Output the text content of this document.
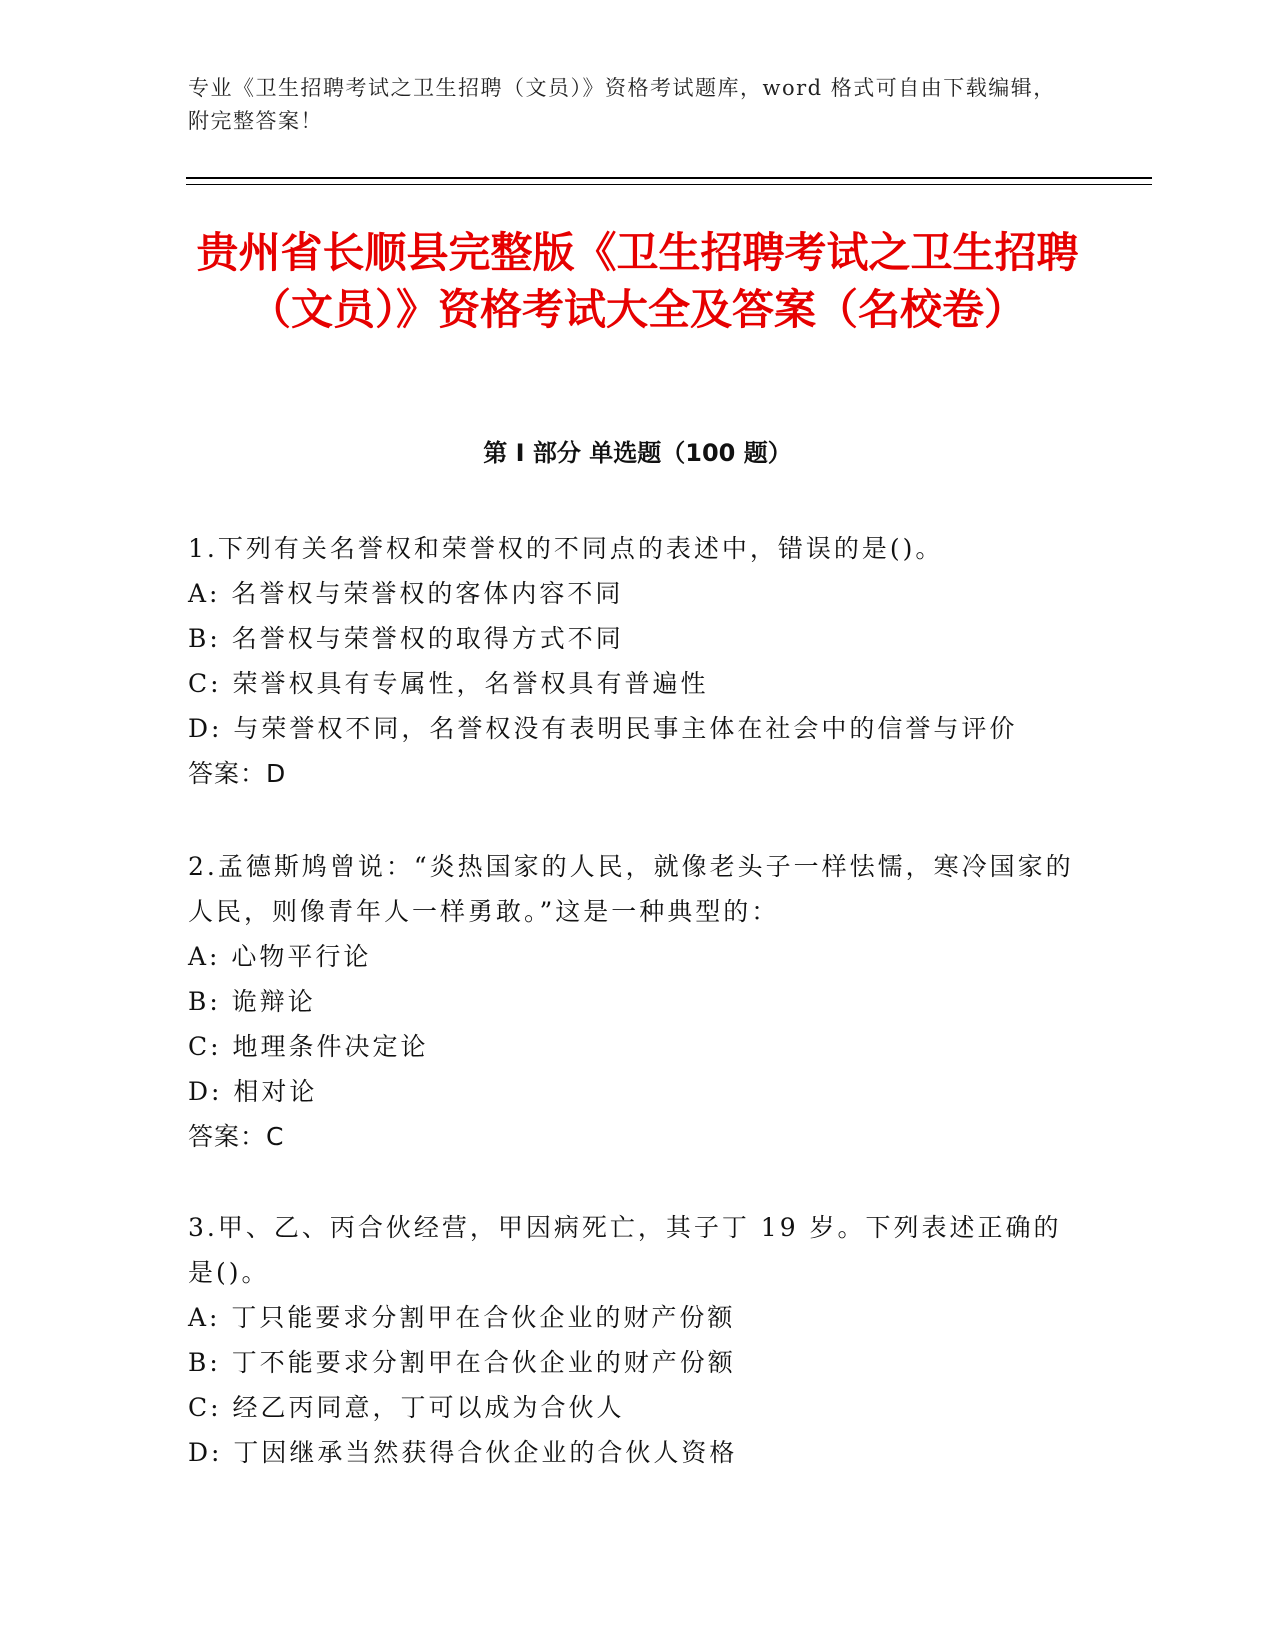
专业《卫生招聘考试之卫生招聘（文员）》资格考试题库，word 格式可自由下载编辑，附完整答案！
贵州省长顺县完整版《卫生招聘考试之卫生招聘（文员）》资格考试大全及答案（名校卷）
第 I 部分 单选题（100 题）

1.下列有关名誉权和荣誉权的不同点的表述中，错误的是()。

A: 名誉权与荣誉权的客体内容不同

B: 名誉权与荣誉权的取得方式不同

C: 荣誉权具有专属性，名誉权具有普遍性

D: 与荣誉权不同，名誉权没有表明民事主体在社会中的信誉与评价

答案：D

2.孟德斯鸠曾说：“炎热国家的人民，就像老头子一样怯懦，寒冷国家的人民，则像青年人一样勇敢。”这是一种典型的：

A: 心物平行论

B: 诡辩论

C: 地理条件决定论

D: 相对论

答案：C

3.甲、乙、丙合伙经营，甲因病死亡，其子丁 19 岁。下列表述正确的是()。

A: 丁只能要求分割甲在合伙企业的财产份额

B: 丁不能要求分割甲在合伙企业的财产份额

C: 经乙丙同意，丁可以成为合伙人

D: 丁因继承当然获得合伙企业的合伙人资格
